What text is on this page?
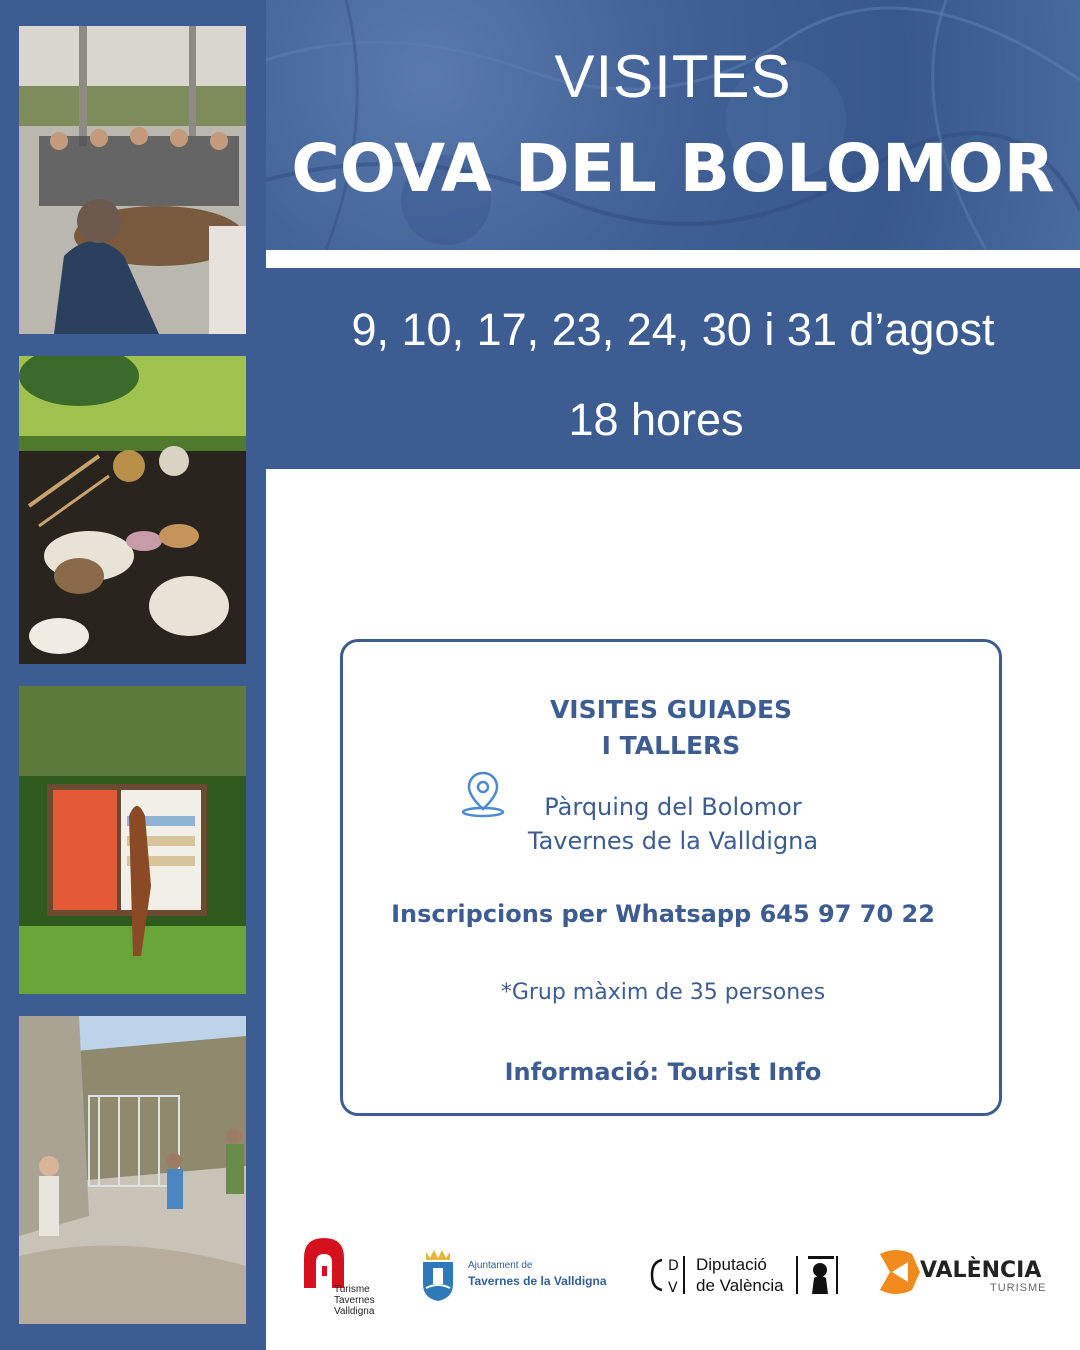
VISITES
COVA DEL BOLOMOR
9, 10, 17, 23, 24, 30 i 31 d’agost
18 hores
VISITES GUIADES
I TALLERS
Pàrquing del Bolomor
Tavernes de la Valldigna
Inscripcions per Whatsapp 645 97 70 22
*Grup màxim de 35 persones
Informació: Tourist Info
Turisme
Tavernes
Valldigna
Ajuntament de
Tavernes de la Valldigna
D
V
Diputació
de València
VALÈNCIA
TURISME
